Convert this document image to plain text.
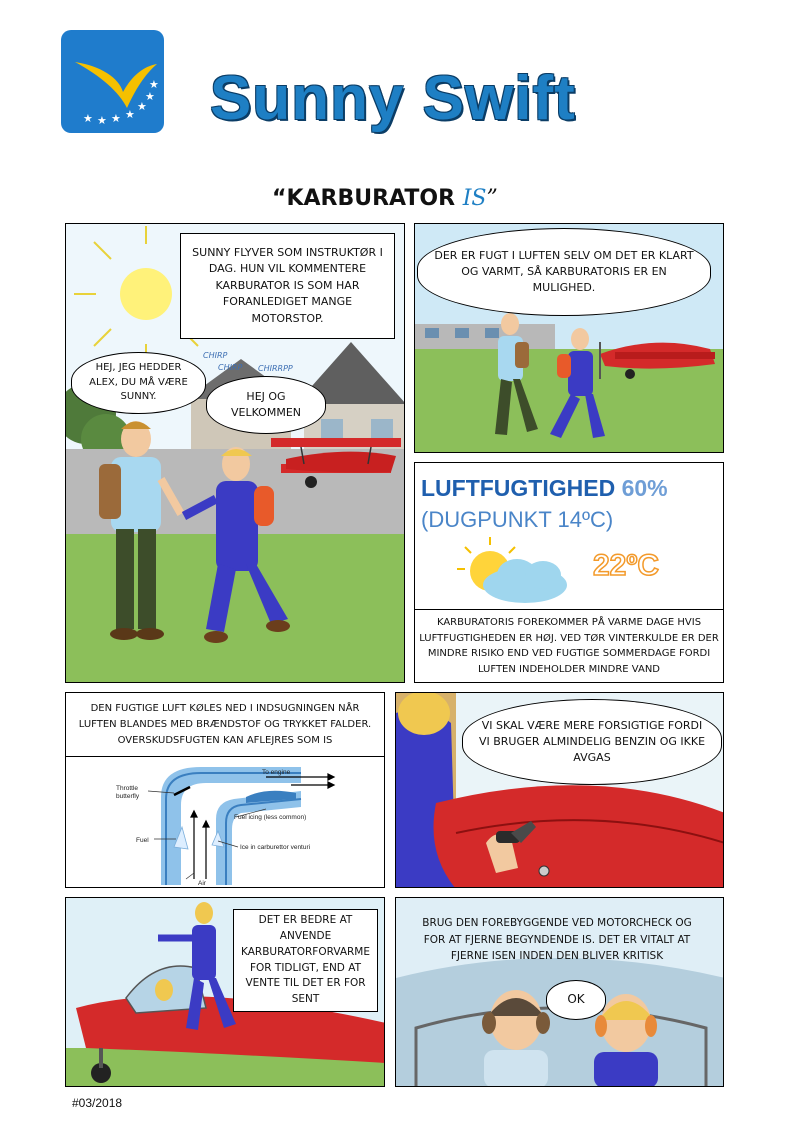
★ ★ ★ ★
★
★
★ Sunny Swift
“KARBURATOR IS”
CHIRP
CHIRP CHIRRPP
SUNNY FLYVER SOM INSTRUKTØR I DAG. HUN VIL KOMMENTERE KARBURATOR IS SOM HAR FORANLEDIGET MANGE MOTORSTOP.
HEJ, JEG HEDDER ALEX, DU MÅ VÆRE SUNNY.	HEJ OG VELKOMMEN
DER ER FUGT I LUFTEN SELV OM DET ER KLART OG VARMT, SÅ KARBURATORIS ER EN MULIGHED.
LUFTFUGTIGHED 60%
(DUGPUNKT 14ºC)
22ºC
KARBURATORIS FOREKOMMER PÅ VARME DAGE HVIS LUFTFUGTIGHEDEN ER HØJ. VED TØR VINTERKULDE ER DER MINDRE RISIKO END VED FUGTIGE SOMMERDAGE FORDI LUFTEN INDEHOLDER MINDRE VAND
DEN FUGTIGE LUFT KØLES NED I INDSUGNINGEN NÅR LUFTEN BLANDES MED BRÆNDSTOF OG TRYKKET FALDER. OVERSKUDSFUGTEN KAN AFLEJRES SOM IS
Throttle
butterfly
To engine
Fuel icing (less common)
Fuel
Ice in carburettor venturi
Air
VI SKAL VÆRE MERE FORSIGTIGE FORDI VI BRUGER ALMINDELIG BENZIN OG IKKE AVGAS
DET ER BEDRE AT ANVENDE KARBURATORFORVARME FOR TIDLIGT, END AT VENTE TIL DET ER FOR SENT
BRUG DEN FOREBYGGENDE VED MOTORCHECK OG FOR AT FJERNE BEGYNDENDE IS. DET ER VITALT AT FJERNE ISEN INDEN DEN BLIVER KRITISK
OK
#03/2018
